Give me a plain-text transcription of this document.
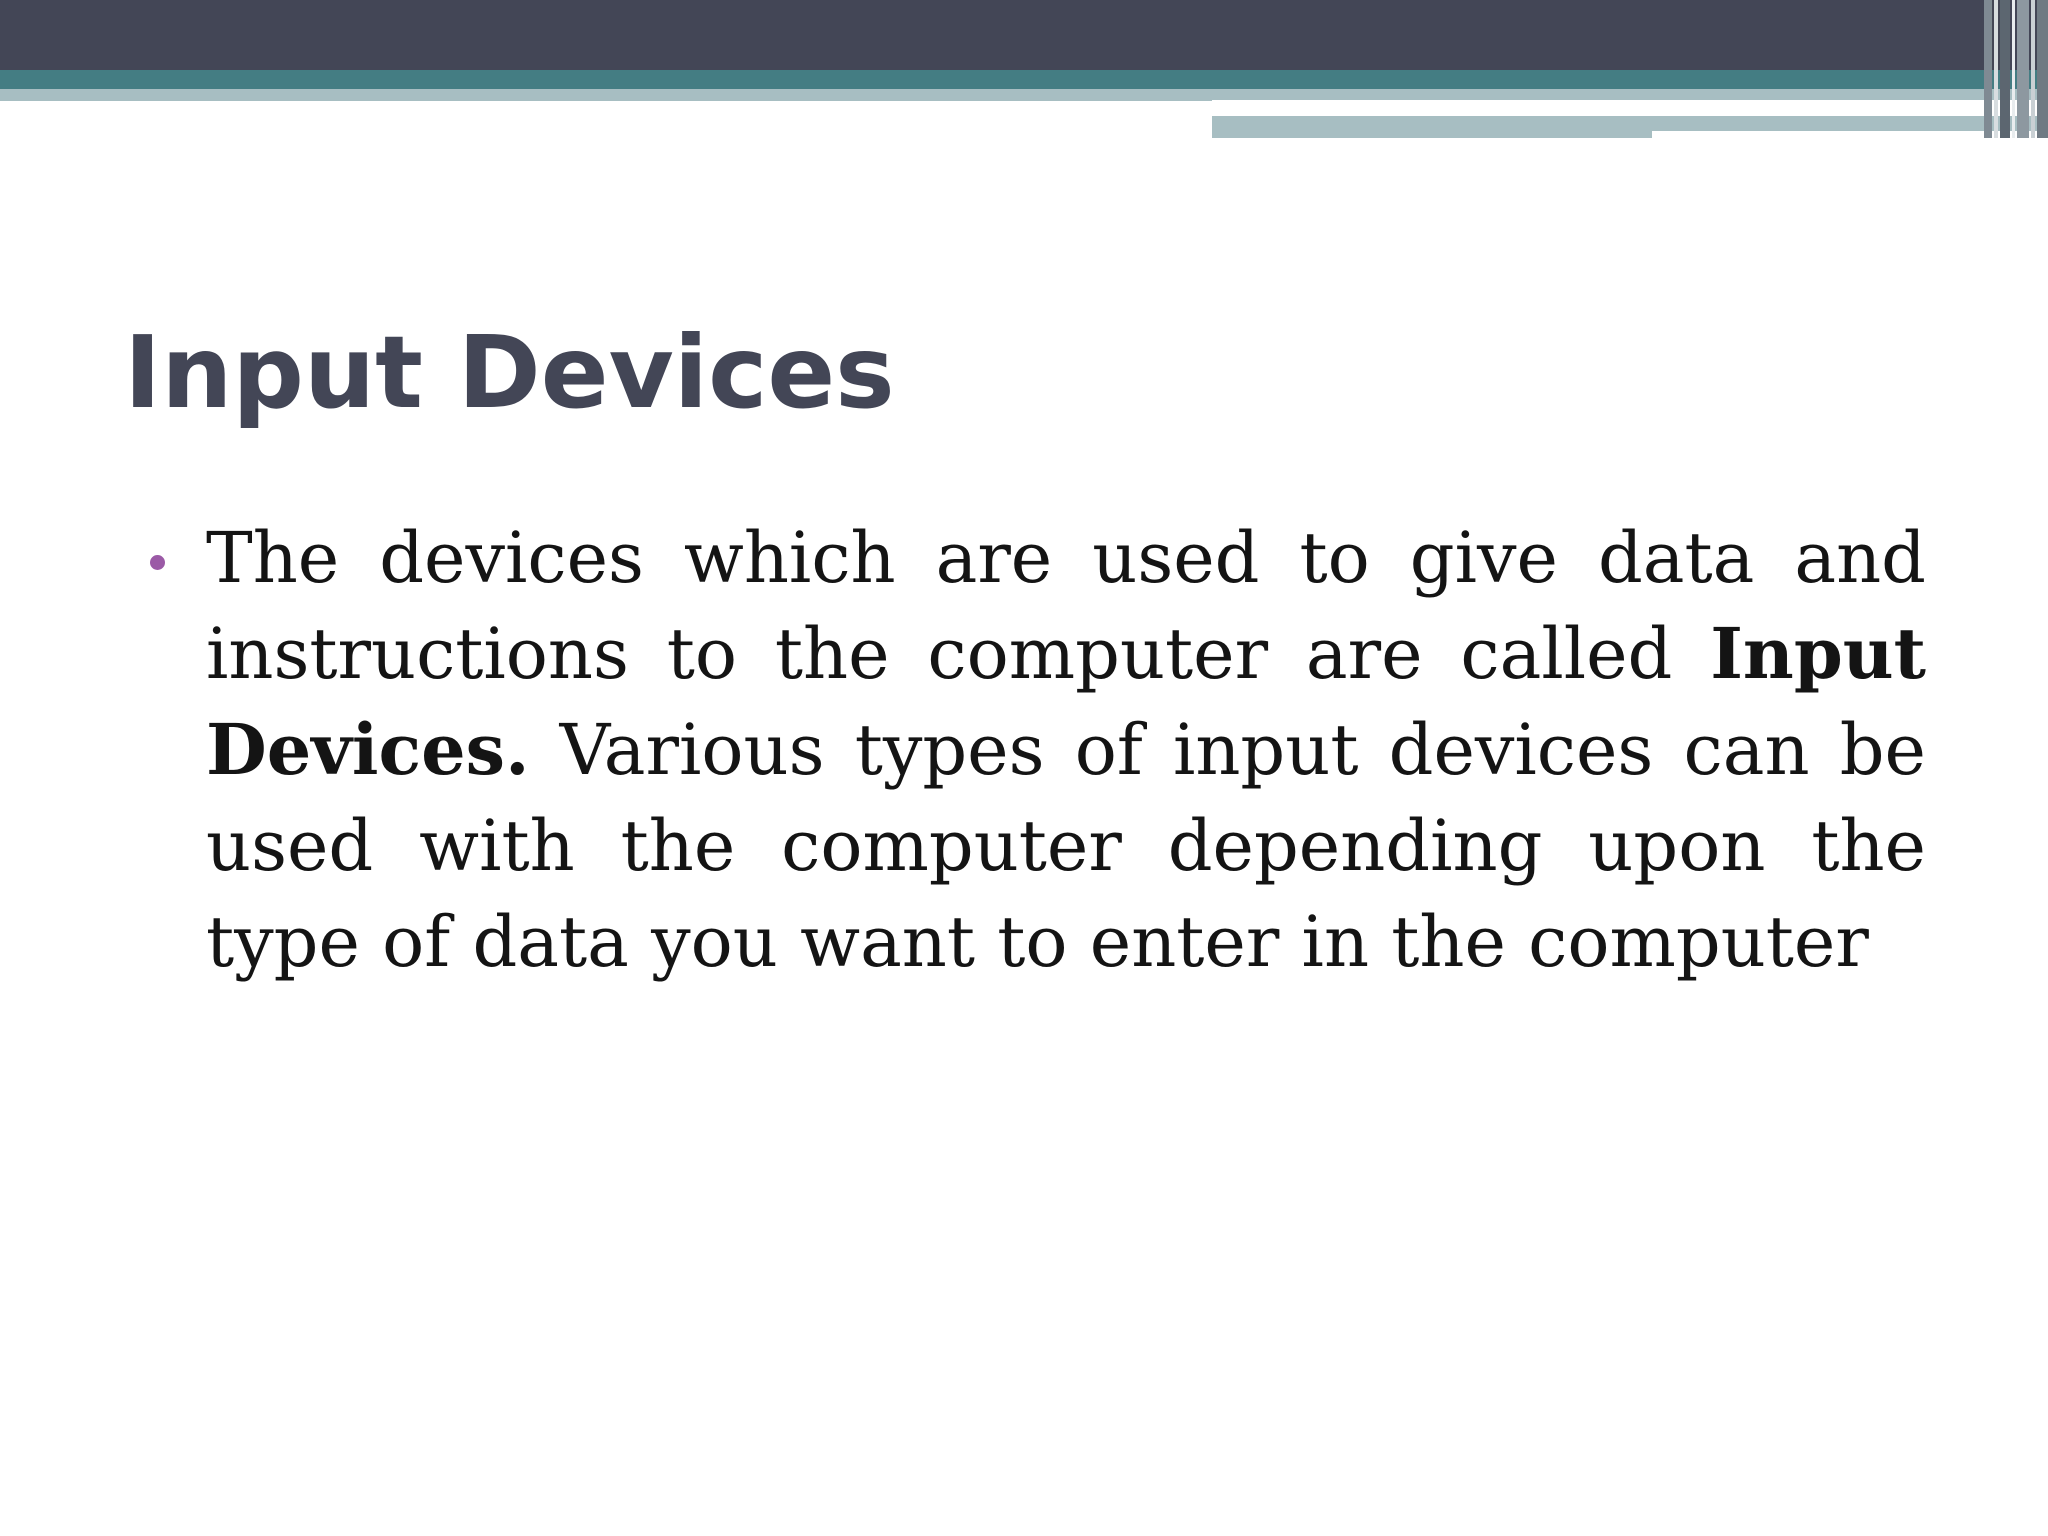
Input Devices

The devices which are used to give data and instructions to the computer are called Input Devices. Various types of input devices can be used with the computer depending upon the type of data you want to enter in the computer
